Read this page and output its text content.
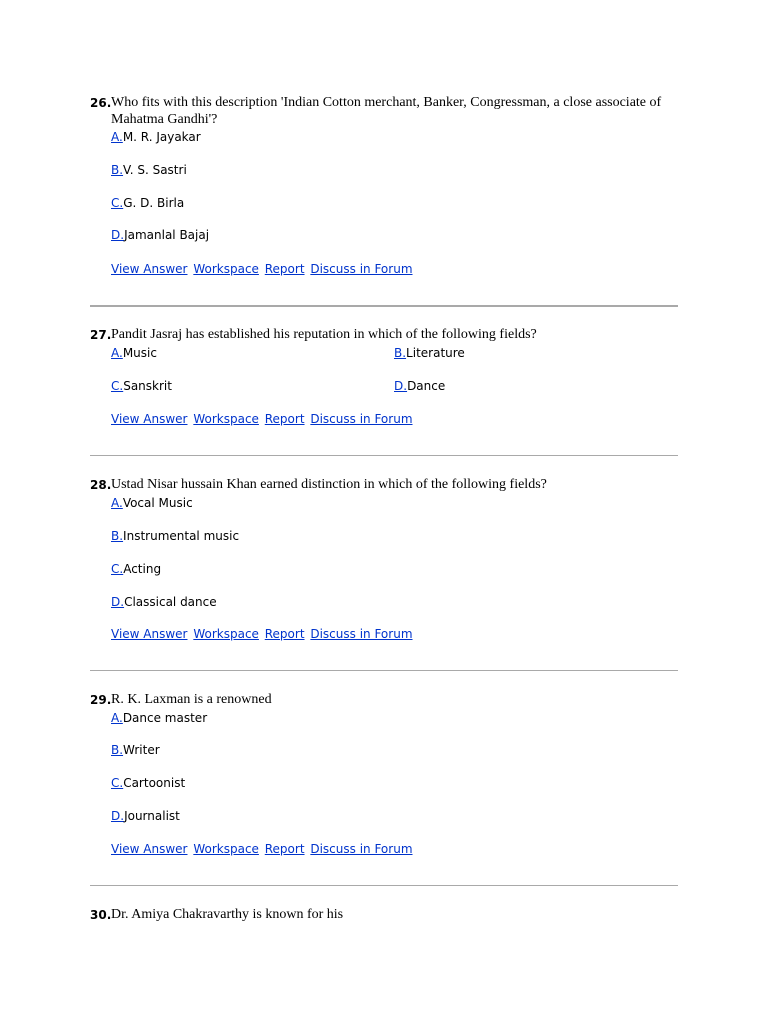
26. Who fits with this description 'Indian Cotton merchant, Banker, Congressman, a close associate of Mahatma Gandhi'?
A.M. R. Jayakar
B.V. S. Sastri
C.G. D. Birla
D.Jamanlal Bajaj
View Answer Workspace Report Discuss in Forum
27. Pandit Jasraj has established his reputation in which of the following fields?
A.Music	B.Literature
C.Sanskrit	D.Dance
View Answer Workspace Report Discuss in Forum
28. Ustad Nisar hussain Khan earned distinction in which of the following fields?
A.Vocal Music
B.Instrumental music
C.Acting
D.Classical dance
View Answer Workspace Report Discuss in Forum
29. R. K. Laxman is a renowned
A.Dance master
B.Writer
C.Cartoonist
D.Journalist
View Answer Workspace Report Discuss in Forum
30. Dr. Amiya Chakravarthy is known for his
